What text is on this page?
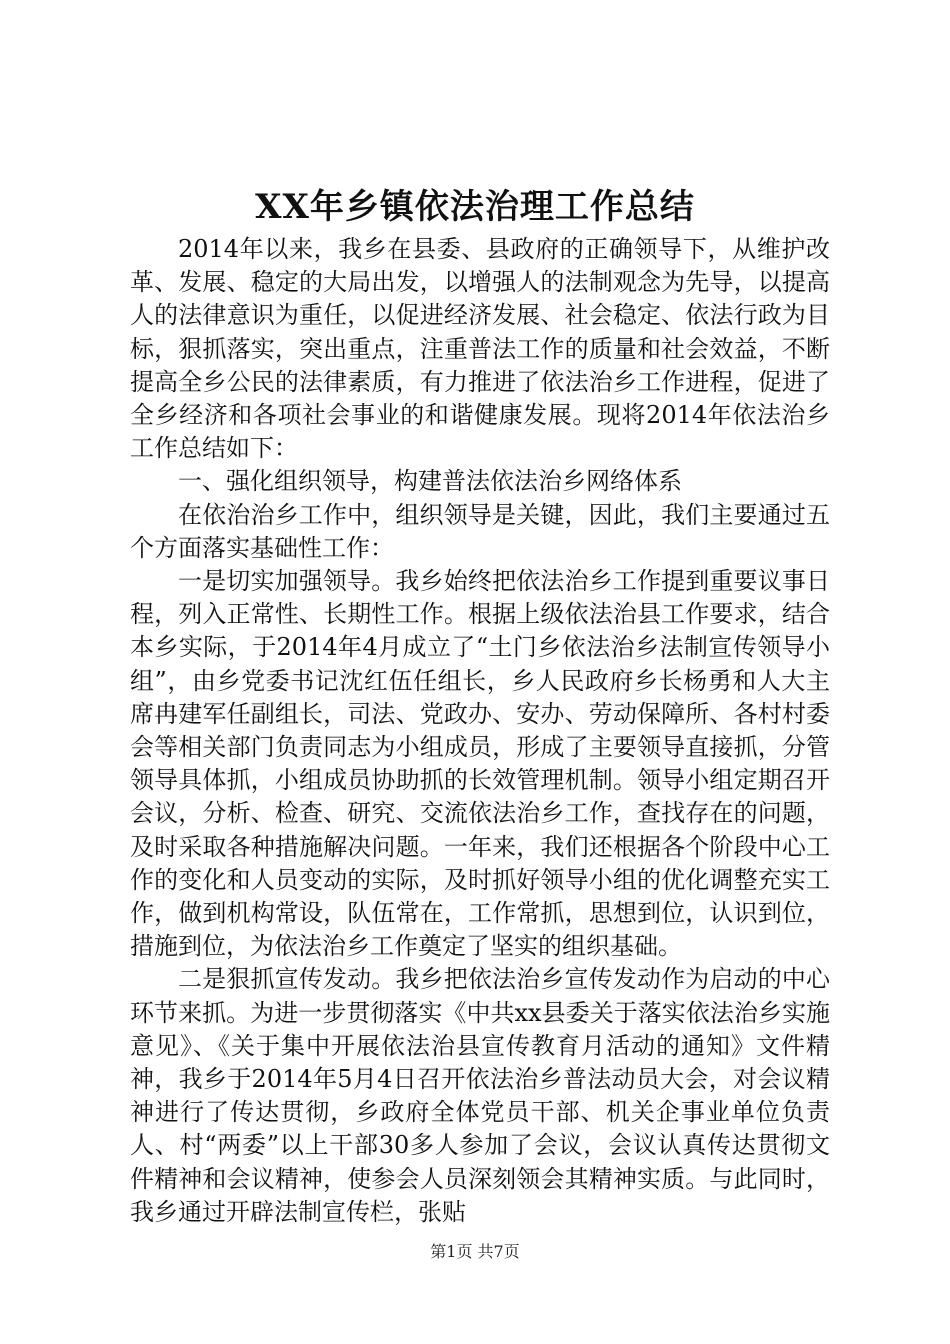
XX年乡镇依法治理工作总结

2014年以来，我乡在县委、县政府的正确领导下，从维护改革、发展、稳定的大局出发，以增强人的法制观念为先导，以提高人的法律意识为重任，以促进经济发展、社会稳定、依法行政为目标，狠抓落实，突出重点，注重普法工作的质量和社会效益，不断提高全乡公民的法律素质，有力推进了依法治乡工作进程，促进了全乡经济和各项社会事业的和谐健康发展。现将2014年依法治乡工作总结如下：

一、强化组织领导，构建普法依法治乡网络体系

在依治治乡工作中，组织领导是关键，因此，我们主要通过五个方面落实基础性工作：

一是切实加强领导。我乡始终把依法治乡工作提到重要议事日程，列入正常性、长期性工作。根据上级依法治县工作要求，结合本乡实际，于2014年4月成立了“土门乡依法治乡法制宣传领导小组”，由乡党委书记沈红伍任组长，乡人民政府乡长杨勇和人大主席冉建军任副组长，司法、党政办、安办、劳动保障所、各村村委会等相关部门负责同志为小组成员，形成了主要领导直接抓，分管领导具体抓，小组成员协助抓的长效管理机制。领导小组定期召开会议，分析、检查、研究、交流依法治乡工作，查找存在的问题，及时采取各种措施解决问题。一年来，我们还根据各个阶段中心工作的变化和人员变动的实际，及时抓好领导小组的优化调整充实工作，做到机构常设，队伍常在，工作常抓，思想到位，认识到位，措施到位，为依法治乡工作奠定了坚实的组织基础。

二是狠抓宣传发动。我乡把依法治乡宣传发动作为启动的中心环节来抓。为进一步贯彻落实《中共xx县委关于落实依法治乡实施意见》、《关于集中开展依法治县宣传教育月活动的通知》文件精神，我乡于2014年5月4日召开依法治乡普法动员大会，对会议精神进行了传达贯彻，乡政府全体党员干部、机关企事业单位负责人、村“两委”以上干部30多人参加了会议，会议认真传达贯彻文件精神和会议精神，使参会人员深刻领会其精神实质。与此同时，我乡通过开辟法制宣传栏，张贴

第1页 共7页
